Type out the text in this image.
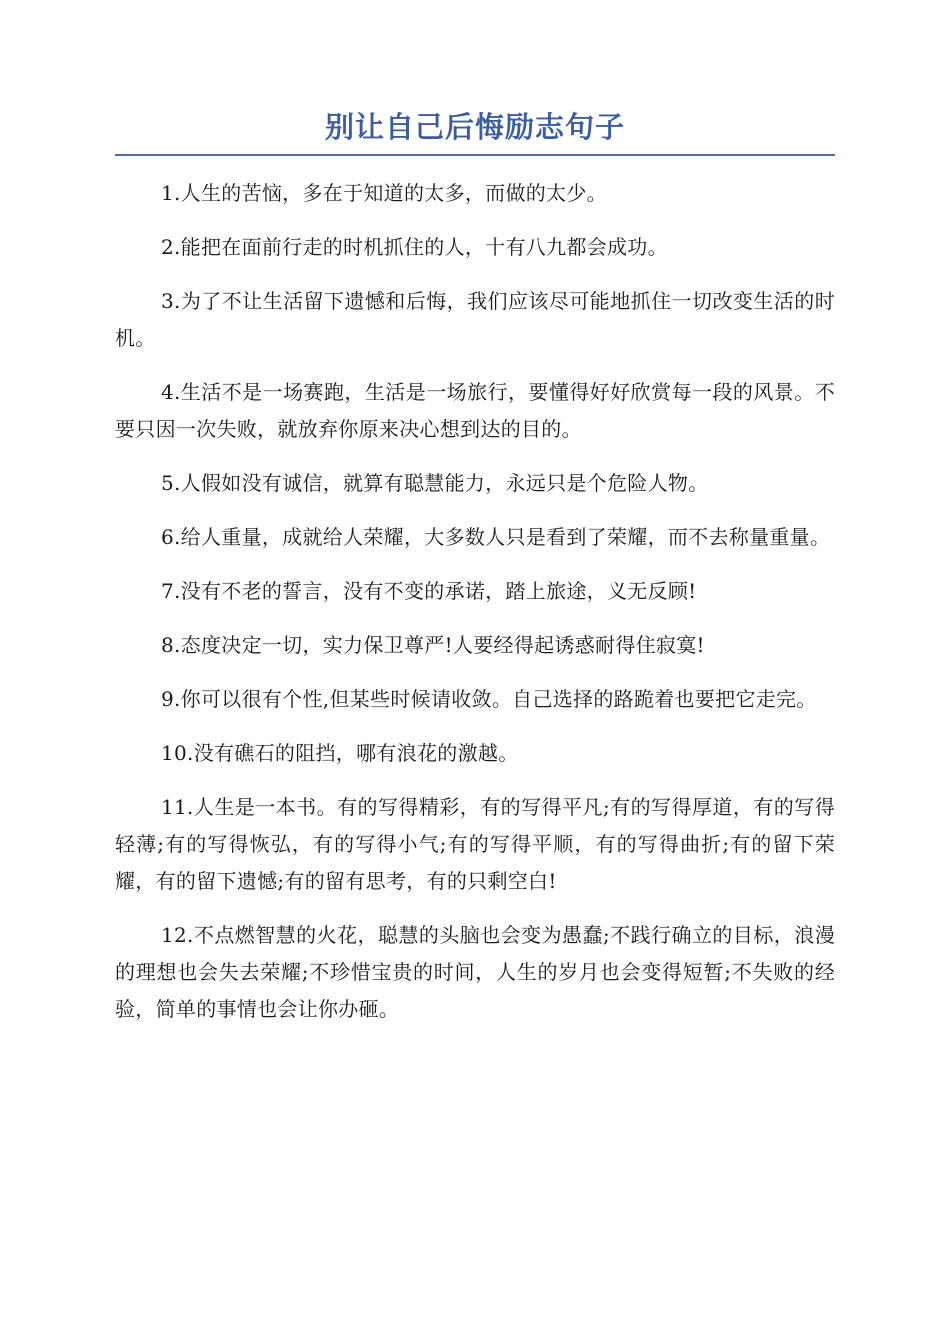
别让自己后悔励志句子

1.人生的苦恼，多在于知道的太多，而做的太少。

2.能把在面前行走的时机抓住的人，十有八九都会成功。

3.为了不让生活留下遗憾和后悔，我们应该尽可能地抓住一切改变生活的时机。

4.生活不是一场赛跑，生活是一场旅行，要懂得好好欣赏每一段的风景。不要只因一次失败，就放弃你原来决心想到达的目的。

5.人假如没有诚信，就算有聪慧能力，永远只是个危险人物。

6.给人重量，成就给人荣耀，大多数人只是看到了荣耀，而不去称量重量。

7.没有不老的誓言，没有不变的承诺，踏上旅途，义无反顾!

8.态度决定一切，实力保卫尊严!人要经得起诱惑耐得住寂寞!

9.你可以很有个性,但某些时候请收敛。自己选择的路跪着也要把它走完。

10.没有礁石的阻挡，哪有浪花的激越。

11.人生是一本书。有的写得精彩，有的写得平凡;有的写得厚道，有的写得轻薄;有的写得恢弘，有的写得小气;有的写得平顺，有的写得曲折;有的留下荣耀，有的留下遗憾;有的留有思考，有的只剩空白!

12.不点燃智慧的火花，聪慧的头脑也会变为愚蠢;不践行确立的目标，浪漫的理想也会失去荣耀;不珍惜宝贵的时间，人生的岁月也会变得短暂;不失败的经验，简单的事情也会让你办砸。
